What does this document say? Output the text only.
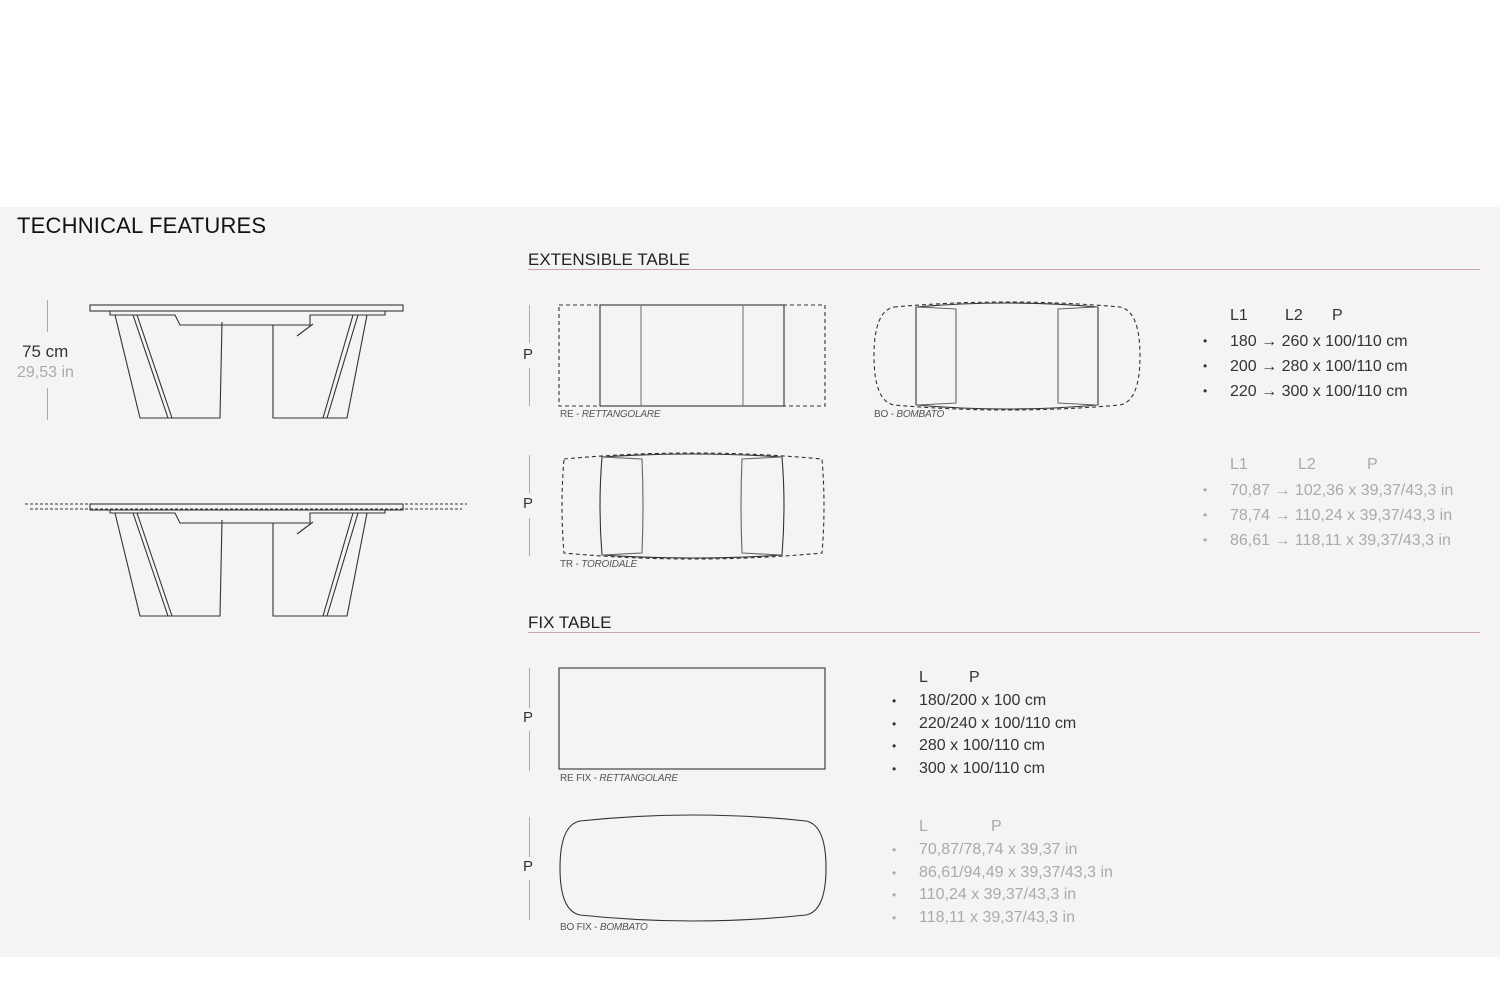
TECHNICAL FEATURES
75 cm
29,53 in
EXTENSIBLE TABLE
P
RE - RETTANGOLARE	BO - BOMBATO
P
TR - TOROIDALE
L1 L2 P
• 180 → 260 x 100/110 cm
• 200 → 280 x 100/110 cm
• 220 → 300 x 100/110 cm
L1	L2	P
• 70,87 → 102,36 x 39,37/43,3 in
• 78,74 → 110,24 x 39,37/43,3 in
• 86,61 → 118,11 x 39,37/43,3 in
FIX TABLE
P
RE FIX - RETTANGOLARE
P
BO FIX - BOMBATO
L	P
• 180/200 x 100 cm
• 220/240 x 100/110 cm
• 280 x 100/110 cm
• 300 x 100/110 cm
L	P
• 70,87/78,74 x 39,37 in
• 86,61/94,49 x 39,37/43,3 in
• 110,24 x 39,37/43,3 in
• 118,11 x 39,37/43,3 in
